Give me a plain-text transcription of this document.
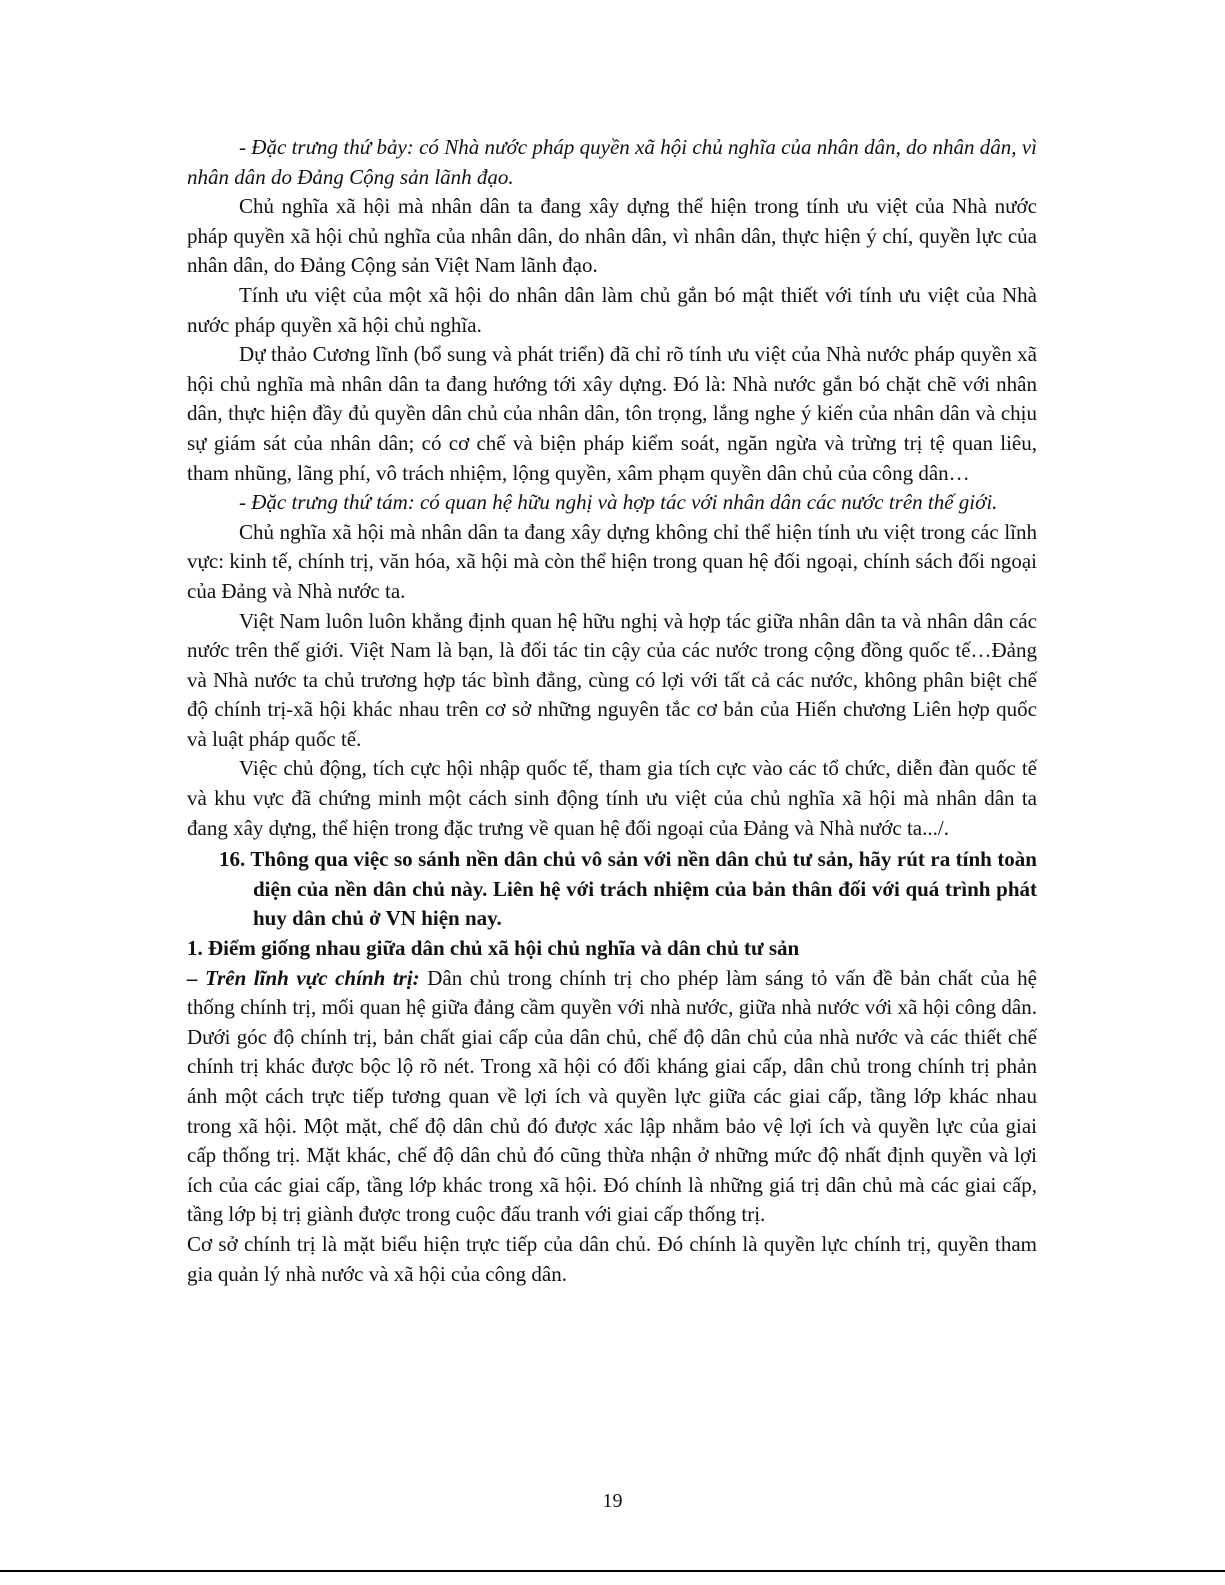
- Đặc trưng thứ bảy: có Nhà nước pháp quyền xã hội chủ nghĩa của nhân dân, do nhân dân, vì nhân dân do Đảng Cộng sản lãnh đạo.

Chủ nghĩa xã hội mà nhân dân ta đang xây dựng thể hiện trong tính ưu việt của Nhà nước pháp quyền xã hội chủ nghĩa của nhân dân, do nhân dân, vì nhân dân, thực hiện ý chí, quyền lực của nhân dân, do Đảng Cộng sản Việt Nam lãnh đạo.

Tính ưu việt của một xã hội do nhân dân làm chủ gắn bó mật thiết với tính ưu việt của Nhà nước pháp quyền xã hội chủ nghĩa.

Dự thảo Cương lĩnh (bổ sung và phát triển) đã chỉ rõ tính ưu việt của Nhà nước pháp quyền xã hội chủ nghĩa mà nhân dân ta đang hướng tới xây dựng. Đó là: Nhà nước gắn bó chặt chẽ với nhân dân, thực hiện đầy đủ quyền dân chủ của nhân dân, tôn trọng, lắng nghe ý kiến của nhân dân và chịu sự giám sát của nhân dân; có cơ chế và biện pháp kiểm soát, ngăn ngừa và trừng trị tệ quan liêu, tham nhũng, lãng phí, vô trách nhiệm, lộng quyền, xâm phạm quyền dân chủ của công dân…

- Đặc trưng thứ tám: có quan hệ hữu nghị và hợp tác với nhân dân các nước trên thế giới.

Chủ nghĩa xã hội mà nhân dân ta đang xây dựng không chỉ thể hiện tính ưu việt trong các lĩnh vực: kinh tế, chính trị, văn hóa, xã hội mà còn thể hiện trong quan hệ đối ngoại, chính sách đối ngoại của Đảng và Nhà nước ta.

Việt Nam luôn luôn khẳng định quan hệ hữu nghị và hợp tác giữa nhân dân ta và nhân dân các nước trên thế giới. Việt Nam là bạn, là đối tác tin cậy của các nước trong cộng đồng quốc tế…Đảng và Nhà nước ta chủ trương hợp tác bình đẳng, cùng có lợi với tất cả các nước, không phân biệt chế độ chính trị-xã hội khác nhau trên cơ sở những nguyên tắc cơ bản của Hiến chương Liên hợp quốc và luật pháp quốc tế.

Việc chủ động, tích cực hội nhập quốc tế, tham gia tích cực vào các tổ chức, diễn đàn quốc tế và khu vực đã chứng minh một cách sinh động tính ưu việt của chủ nghĩa xã hội mà nhân dân ta đang xây dựng, thể hiện trong đặc trưng về quan hệ đối ngoại của Đảng và Nhà nước ta.../.

16. Thông qua việc so sánh nền dân chủ vô sản với nền dân chủ tư sản, hãy rút ra tính toàn diện của nền dân chủ này. Liên hệ với trách nhiệm của bản thân đối với quá trình phát huy dân chủ ở VN hiện nay.

1. Điểm giống nhau giữa dân chủ xã hội chủ nghĩa và dân chủ tư sản

– Trên lĩnh vực chính trị: Dân chủ trong chính trị cho phép làm sáng tỏ vấn đề bản chất của hệ thống chính trị, mối quan hệ giữa đảng cầm quyền với nhà nước, giữa nhà nước với xã hội công dân. Dưới góc độ chính trị, bản chất giai cấp của dân chủ, chế độ dân chủ của nhà nước và các thiết chế chính trị khác được bộc lộ rõ nét. Trong xã hội có đối kháng giai cấp, dân chủ trong chính trị phản ánh một cách trực tiếp tương quan về lợi ích và quyền lực giữa các giai cấp, tầng lớp khác nhau trong xã hội. Một mặt, chế độ dân chủ đó được xác lập nhằm bảo vệ lợi ích và quyền lực của giai cấp thống trị. Mặt khác, chế độ dân chủ đó cũng thừa nhận ở những mức độ nhất định quyền và lợi ích của các giai cấp, tầng lớp khác trong xã hội. Đó chính là những giá trị dân chủ mà các giai cấp, tầng lớp bị trị giành được trong cuộc đấu tranh với giai cấp thống trị.

Cơ sở chính trị là mặt biểu hiện trực tiếp của dân chủ. Đó chính là quyền lực chính trị, quyền tham gia quản lý nhà nước và xã hội của công dân.

19
